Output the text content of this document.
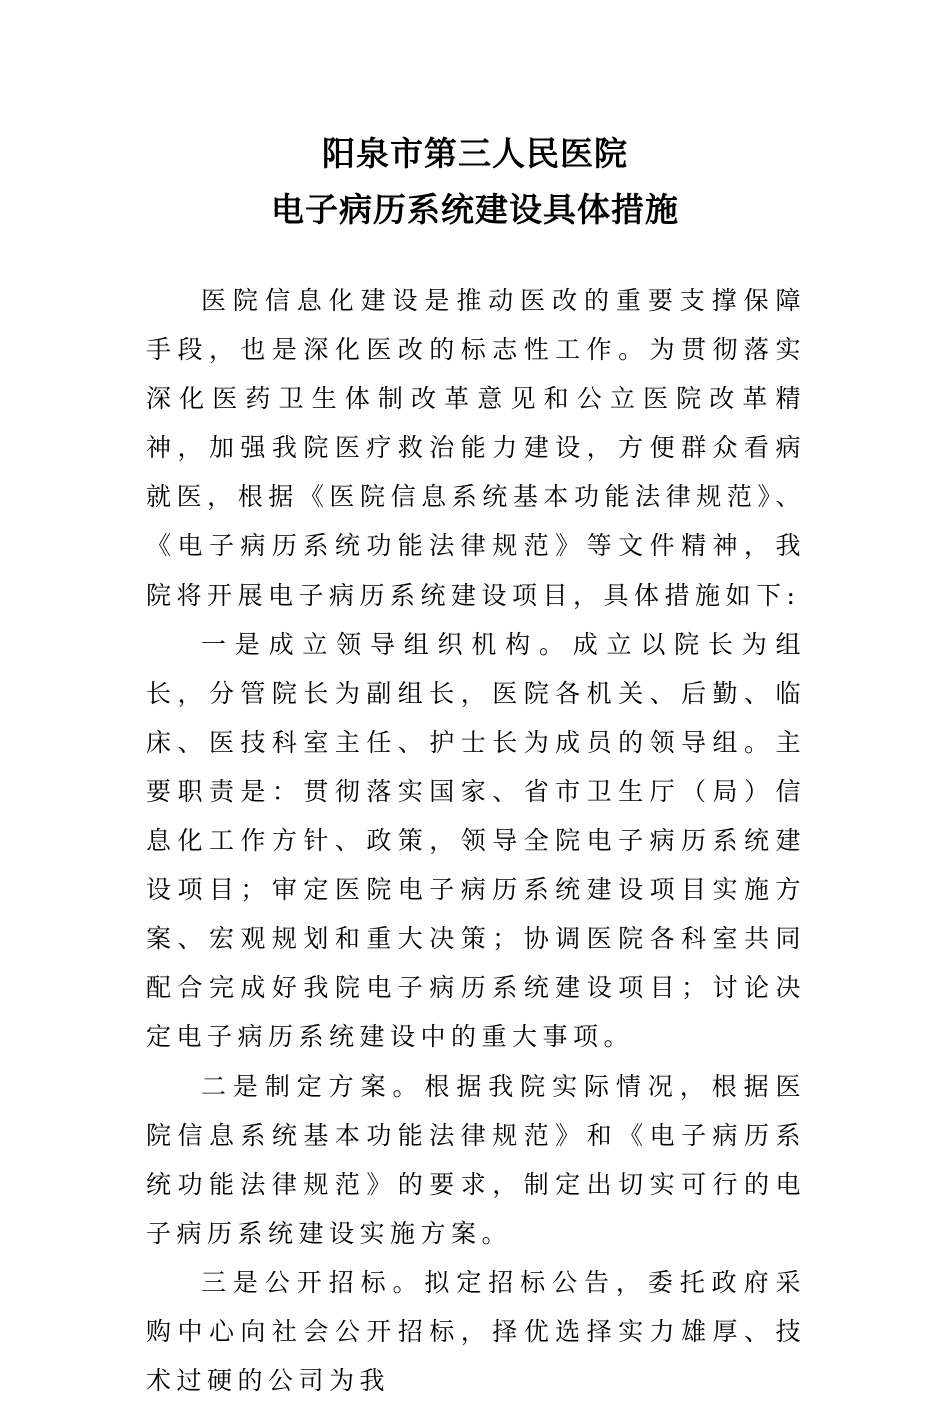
阳泉市第三人民医院
电子病历系统建设具体措施

医院信息化建设是推动医改的重要支撑保障手段，也是深化医改的标志性工作。为贯彻落实深化医药卫生体制改革意见和公立医院改革精神，加强我院医疗救治能力建设，方便群众看病就医，根据《医院信息系统基本功能法律规范》、《电子病历系统功能法律规范》等文件精神，我院将开展电子病历系统建设项目，具体措施如下:

一是成立领导组织机构。成立以院长为组长，分管院长为副组长，医院各机关、后勤、临床、医技科室主任、护士长为成员的领导组。主要职责是：贯彻落实国家、省市卫生厅（局）信息化工作方针、政策，领导全院电子病历系统建设项目；审定医院电子病历系统建设项目实施方案、宏观规划和重大决策；协调医院各科室共同配合完成好我院电子病历系统建设项目；讨论决定电子病历系统建设中的重大事项。

二是制定方案。根据我院实际情况，根据医院信息系统基本功能法律规范》和《电子病历系统功能法律规范》的要求，制定出切实可行的电子病历系统建设实施方案。

三是公开招标。拟定招标公告，委托政府采购中心向社会公开招标，择优选择实力雄厚、技术过硬的公司为我
